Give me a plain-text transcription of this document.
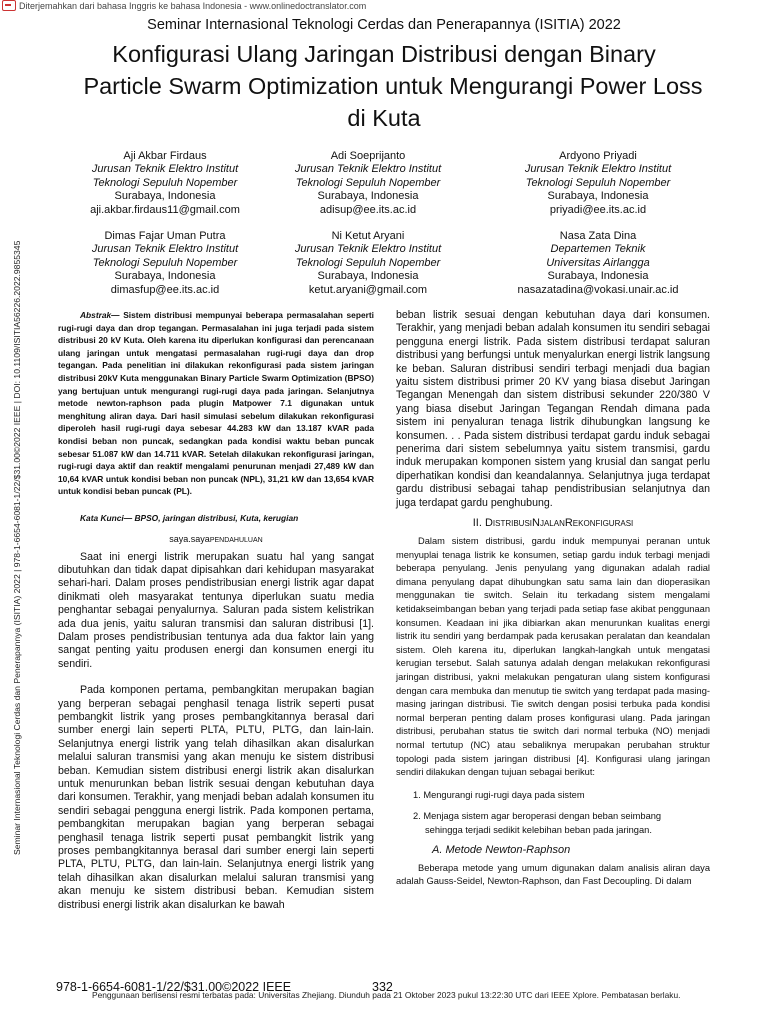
Diterjemahkan dari bahasa Inggris ke bahasa Indonesia - www.onlinedoctranslator.com
Seminar Internasional Teknologi Cerdas dan Penerapannya (ISITIA) 2022
Konfigurasi Ulang Jaringan Distribusi dengan Binary
Particle Swarm Optimization untuk Mengurangi Power Loss
di Kuta
Seminar Internasional Teknologi Cerdas dan Penerapannya (ISITIA) 2022 | 978-1-6654-6081-1/22/$31.00©2022 IEEE | DOI: 10.1109/ISITIA56226.2022.9855345
Aji Akbar Firdaus
Jurusan Teknik Elektro Institut
Teknologi Sepuluh Nopember
Surabaya, Indonesia
aji.akbar.firdaus11@gmail.com
Adi Soeprijanto
Jurusan Teknik Elektro Institut
Teknologi Sepuluh Nopember
Surabaya, Indonesia
adisup@ee.its.ac.id
Ardyono Priyadi
Jurusan Teknik Elektro Institut
Teknologi Sepuluh Nopember
Surabaya, Indonesia
priyadi@ee.its.ac.id
Dimas Fajar Uman Putra
Jurusan Teknik Elektro Institut
Teknologi Sepuluh Nopember
Surabaya, Indonesia
dimasfup@ee.its.ac.id
Ni Ketut Aryani
Jurusan Teknik Elektro Institut
Teknologi Sepuluh Nopember
Surabaya, Indonesia
ketut.aryani@gmail.com
Nasa Zata Dina
Departemen Teknik
Universitas Airlangga
Surabaya, Indonesia
nasazatadina@vokasi.unair.ac.id

Abstrak— Sistem distribusi mempunyai beberapa permasalahan seperti rugi-rugi daya dan drop tegangan. Permasalahan ini juga terjadi pada sistem distribusi 20 kV Kuta. Oleh karena itu diperlukan konfigurasi dan perencanaan ulang jaringan untuk mengatasi permasalahan rugi-rugi daya dan drop tegangan. Pada penelitian ini dilakukan rekonfigurasi pada sistem jaringan distribusi 20kV Kuta menggunakan Binary Particle Swarm Optimization (BPSO) yang bertujuan untuk mengurangi rugi-rugi daya pada jaringan. Selanjutnya metode newton-raphson pada plugin Matpower 7.1 digunakan untuk menghitung aliran daya. Dari hasil simulasi sebelum dilakukan rekonfigurasi diperoleh hasil rugi-rugi daya sebesar 44.283 kW dan 13.187 kVAR pada kondisi beban non puncak, sedangkan pada kondisi waktu beban puncak sebesar 51.087 kW dan 14.711 kVAR. Setelah dilakukan rekonfigurasi jaringan, rugi-rugi daya aktif dan reaktif mengalami penurunan menjadi 27,489 kW dan 10,64 kVAR untuk kondisi beban non puncak (NPL), 31,21 kW dan 13,654 kVAR untuk kondisi beban puncak (PL).

Kata Kunci— BPSO, jaringan distribusi, Kuta, kerugian

saya.sayaPENDAHULUAN

Saat ini energi listrik merupakan suatu hal yang sangat dibutuhkan dan tidak dapat dipisahkan dari kehidupan masyarakat sehari-hari. Dalam proses pendistribusian energi listrik agar dapat dinikmati oleh masyarakat tentunya diperlukan suatu media penghantar sebagai penyalurnya. Saluran pada sistem kelistrikan ada dua jenis, yaitu saluran transmisi dan saluran distribusi [1]. Dalam proses pendistribusian tentunya ada dua faktor lain yang sangat penting yaitu produsen energi dan konsumen energi itu sendiri.

Pada komponen pertama, pembangkitan merupakan bagian yang berperan sebagai penghasil tenaga listrik seperti pusat pembangkit listrik yang proses pembangkitannya berasal dari sumber energi lain seperti PLTA, PLTU, PLTG, dan lain-lain. Selanjutnya energi listrik yang telah dihasilkan akan disalurkan melalui saluran transmisi yang akan menuju ke sistem distribusi beban. Kemudian sistem distribusi energi listrik akan disalurkan untuk menurunkan beban listrik sesuai dengan kebutuhan daya dari konsumen. Terakhir, yang menjadi beban adalah konsumen itu sendiri sebagai pengguna energi listrik. Pada komponen pertama, pembangkitan merupakan bagian yang berperan sebagai penghasil tenaga listrik seperti pusat pembangkit listrik yang proses pembangkitannya berasal dari sumber energi lain seperti PLTA, PLTU, PLTG, dan lain-lain. Selanjutnya energi listrik yang telah dihasilkan akan disalurkan melalui saluran transmisi yang akan menuju ke sistem distribusi beban. Kemudian sistem distribusi energi listrik akan disalurkan ke bawah

beban listrik sesuai dengan kebutuhan daya dari konsumen. Terakhir, yang menjadi beban adalah konsumen itu sendiri sebagai pengguna energi listrik. Pada sistem distribusi terdapat saluran distribusi yang berfungsi untuk menyalurkan energi listrik langsung ke beban. Saluran distribusi sendiri terbagi menjadi dua bagian yaitu sistem distribusi primer 20 KV yang biasa disebut Jaringan Tegangan Menengah dan sistem distribusi sekunder 220/380 V yang biasa disebut Jaringan Tegangan Rendah dimana pada sistem ini penyaluran tenaga listrik dihubungkan langsung ke konsumen. . . Pada sistem distribusi terdapat gardu induk sebagai penerima dari sistem sebelumnya yaitu sistem transmisi, gardu induk merupakan komponen sistem yang krusial dan sangat perlu diperhatikan kondisi dan keandalannya. Selanjutnya juga terdapat gardu distribusi sebagai tahap pendistribusian selanjutnya dan juga terdapat gardu penghubung.

II. DistribusiNjalanRekonfigurasi

Dalam sistem distribusi, gardu induk mempunyai peranan untuk menyuplai tenaga listrik ke konsumen, setiap gardu induk terbagi menjadi beberapa penyulang. Jenis penyulang yang digunakan adalah radial dimana penyulang dapat dihubungkan satu sama lain dan dioperasikan menggunakan tie switch. Selain itu terkadang sistem mengalami ketidakseimbangan beban yang terjadi pada setiap fase akibat penggunaan konsumen. Keadaan ini jika dibiarkan akan menurunkan kualitas energi listrik itu sendiri yang berdampak pada kerusakan peralatan dan keandalan sistem. Oleh karena itu, diperlukan langkah-langkah untuk mengatasi kerugian tersebut. Salah satunya adalah dengan melakukan rekonfigurasi jaringan distribusi, yakni melakukan pengaturan ulang sistem konfigurasi dengan cara membuka dan menutup tie switch yang terdapat pada masing-masing jaringan distribusi. Tie switch dengan posisi terbuka pada kondisi normal berperan penting dalam proses konfigurasi ulang. Pada jaringan distribusi, perubahan status tie switch dari normal terbuka (NO) menjadi normal tertutup (NC) atau sebaliknya merupakan perubahan struktur topologi pada sistem jaringan distribusi [4]. Konfigurasi ulang jaringan sendiri dilakukan dengan tujuan sebagai berikut:

1. Mengurangi rugi-rugi daya pada sistem
2. Menjaga sistem agar beroperasi dengan beban seimbang
sehingga terjadi sedikit kelebihan beban pada jaringan.
A. Metode Newton-Raphson

Beberapa metode yang umum digunakan dalam analisis aliran daya adalah Gauss-Seidel, Newton-Raphson, dan Fast Decoupling. Di dalam

978-1-6654-6081-1/22/$31.00©2022 IEEE	332
Penggunaan berlisensi resmi terbatas pada: Universitas Zhejiang. Diunduh pada 21 Oktober 2023 pukul 13:22:30 UTC dari IEEE Xplore. Pembatasan berlaku.
